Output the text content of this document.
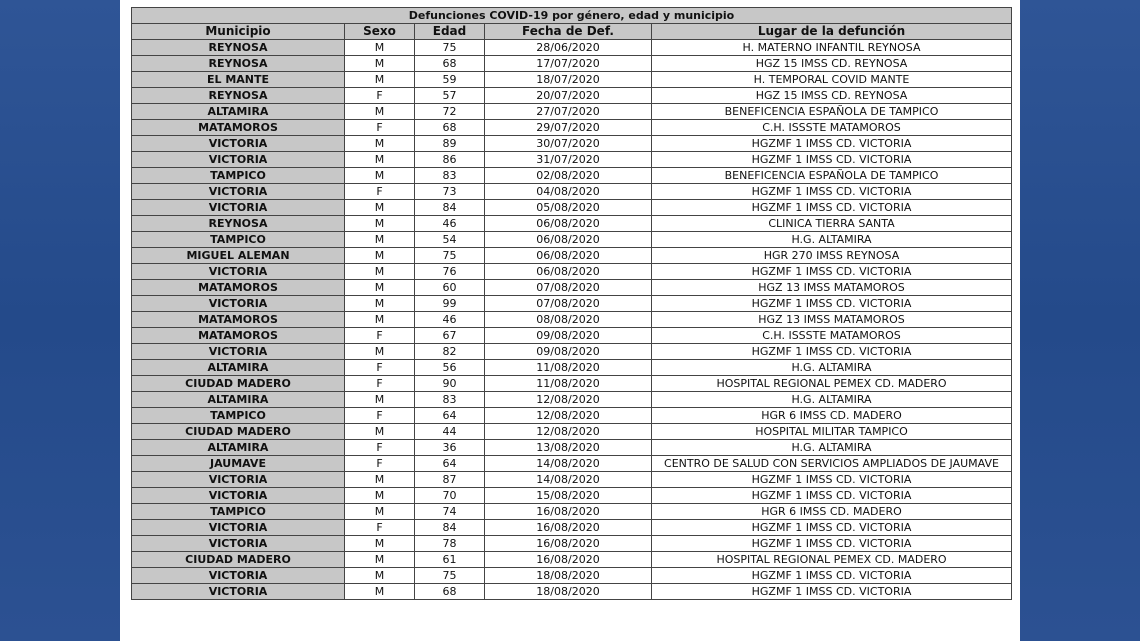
Defunciones COVID-19 por género, edad y municipio				
Municipio	Sexo	Edad	Fecha de Def.	Lugar de la defunción
REYNOSA	M	75	28/06/2020	H. MATERNO INFANTIL REYNOSA
REYNOSA	M	68	17/07/2020	HGZ 15 IMSS CD. REYNOSA
EL MANTE	M	59	18/07/2020	H. TEMPORAL COVID MANTE
REYNOSA	F	57	20/07/2020	HGZ 15 IMSS CD. REYNOSA
ALTAMIRA	M	72	27/07/2020	BENEFICENCIA ESPAÑOLA DE TAMPICO
MATAMOROS	F	68	29/07/2020	C.H. ISSSTE MATAMOROS
VICTORIA	M	89	30/07/2020	HGZMF 1 IMSS CD. VICTORIA
VICTORIA	M	86	31/07/2020	HGZMF 1 IMSS CD. VICTORIA
TAMPICO	M	83	02/08/2020	BENEFICENCIA ESPAÑOLA DE TAMPICO
VICTORIA	F	73	04/08/2020	HGZMF 1 IMSS CD. VICTORIA
VICTORIA	M	84	05/08/2020	HGZMF 1 IMSS CD. VICTORIA
REYNOSA	M	46	06/08/2020	CLINICA TIERRA SANTA
TAMPICO	M	54	06/08/2020	H.G. ALTAMIRA
MIGUEL ALEMAN	M	75	06/08/2020	HGR 270 IMSS REYNOSA
VICTORIA	M	76	06/08/2020	HGZMF 1 IMSS CD. VICTORIA
MATAMOROS	M	60	07/08/2020	HGZ 13 IMSS MATAMOROS
VICTORIA	M	99	07/08/2020	HGZMF 1 IMSS CD. VICTORIA
MATAMOROS	M	46	08/08/2020	HGZ 13 IMSS MATAMOROS
MATAMOROS	F	67	09/08/2020	C.H. ISSSTE MATAMOROS
VICTORIA	M	82	09/08/2020	HGZMF 1 IMSS CD. VICTORIA
ALTAMIRA	F	56	11/08/2020	H.G. ALTAMIRA
CIUDAD MADERO	F	90	11/08/2020	HOSPITAL REGIONAL PEMEX CD. MADERO
ALTAMIRA	M	83	12/08/2020	H.G. ALTAMIRA
TAMPICO	F	64	12/08/2020	HGR 6 IMSS CD. MADERO
CIUDAD MADERO	M	44	12/08/2020	HOSPITAL MILITAR TAMPICO
ALTAMIRA	F	36	13/08/2020	H.G. ALTAMIRA
JAUMAVE	F	64	14/08/2020	CENTRO DE SALUD CON SERVICIOS AMPLIADOS DE JAUMAVE
VICTORIA	M	87	14/08/2020	HGZMF 1 IMSS CD. VICTORIA
VICTORIA	M	70	15/08/2020	HGZMF 1 IMSS CD. VICTORIA
TAMPICO	M	74	16/08/2020	HGR 6 IMSS CD. MADERO
VICTORIA	F	84	16/08/2020	HGZMF 1 IMSS CD. VICTORIA
VICTORIA	M	78	16/08/2020	HGZMF 1 IMSS CD. VICTORIA
CIUDAD MADERO	M	61	16/08/2020	HOSPITAL REGIONAL PEMEX CD. MADERO
VICTORIA	M	75	18/08/2020	HGZMF 1 IMSS CD. VICTORIA
VICTORIA	M	68	18/08/2020	HGZMF 1 IMSS CD. VICTORIA
